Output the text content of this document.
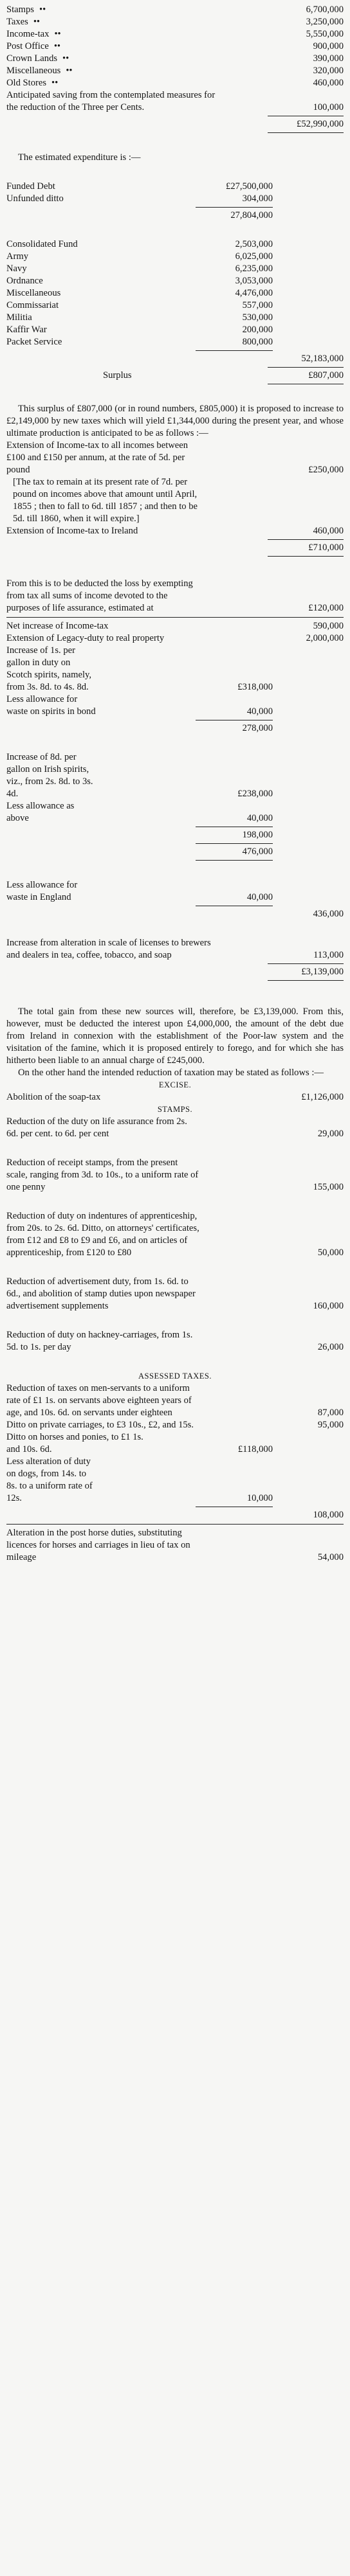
Stamps ••	6,700,000
Taxes ••	3,250,000
Income-tax ••	5,550,000
Post Office ••	900,000
Crown Lands ••	390,000
Miscellaneous ••	320,000
Old Stores ••	460,000
Anticipated saving from the contemplated measures for the reduction of the Three per Cents.	100,000
£52,990,000
The estimated expenditure is :—
Funded Debt	£27,500,000
Unfunded ditto	304,000
27,804,000
Consolidated Fund	2,503,000
Army	6,025,000
Navy	6,235,000
Ordnance	3,053,000
Miscellaneous	4,476,000
Commissariat	557,000
Militia	530,000
Kaffir War	200,000
Packet Service	800,000
52,183,000
Surplus	£807,000
This surplus of £807,000 (or in round numbers, £805,000) it is proposed to increase to £2,149,000 by new taxes which will yield £1,344,000 during the present year, and whose ultimate production is anticipated to be as follows :—
Extension of Income-tax to all incomes between £100 and £150 per annum, at the rate of 5d. per pound	£250,000
[The tax to remain at its present rate of 7d. per pound on incomes above that amount until April, 1855 ; then to fall to 6d. till 1857 ; and then to be 5d. till 1860, when it will expire.]
Extension of Income-tax to Ireland	460,000
£710,000
From this is to be deducted the loss by exempting from tax all sums of income devoted to the purposes of life assurance, estimated at	£120,000
Net increase of Income-tax	590,000
Extension of Legacy-duty to real property	2,000,000
Increase of 1s. per gallon in duty on Scotch spirits, namely, from 3s. 8d. to 4s. 8d.	£318,000
Less allowance for waste on spirits in bond	40,000
278,000
Increase of 8d. per gallon on Irish spirits, viz., from 2s. 8d. to 3s. 4d.	£238,000
Less allowance as above	40,000
198,000
476,000
Less allowance for waste in England	40,000
436,000
Increase from alteration in scale of licenses to brewers and dealers in tea, coffee, tobacco, and soap	113,000
£3,139,000
The total gain from these new sources will, therefore, be £3,139,000. From this, however, must be deducted the interest upon £4,000,000, the amount of the debt due from Ireland in connexion with the establishment of the Poor-law system and the visitation of the famine, which it is proposed entirely to forego, and for which she has hitherto been liable to an annual charge of £245,000.
On the other hand the intended reduction of taxation may be stated as follows :—
EXCISE.
Abolition of the soap-tax	£1,126,000
STAMPS.
Reduction of the duty on life assurance from 2s. 6d. per cent. to 6d. per cent	29,000
Reduction of receipt stamps, from the present scale, ranging from 3d. to 10s., to a uniform rate of one penny	155,000
Reduction of duty on indentures of apprenticeship, from 20s. to 2s. 6d. Ditto, on attorneys' certificates, from £12 and £8 to £9 and £6, and on articles of apprenticeship, from £120 to £80	50,000
Reduction of advertisement duty, from 1s. 6d. to 6d., and abolition of stamp duties upon newspaper advertisement supplements	160,000
Reduction of duty on hackney-carriages, from 1s. 5d. to 1s. per day	26,000
ASSESSED TAXES.
Reduction of taxes on men-servants to a uniform rate of £1 1s. on servants above eighteen years of age, and 10s. 6d. on servants under eighteen	87,000
Ditto on private carriages, to £3 10s., £2, and 15s.	95,000
Ditto on horses and ponies, to £1 1s. and 10s. 6d.	£118,000
Less alteration of duty on dogs, from 14s. to 8s. to a uniform rate of 12s.	10,000
108,000
Alteration in the post horse duties, substituting licences for horses and carriages in lieu of tax on mileage	54,000
